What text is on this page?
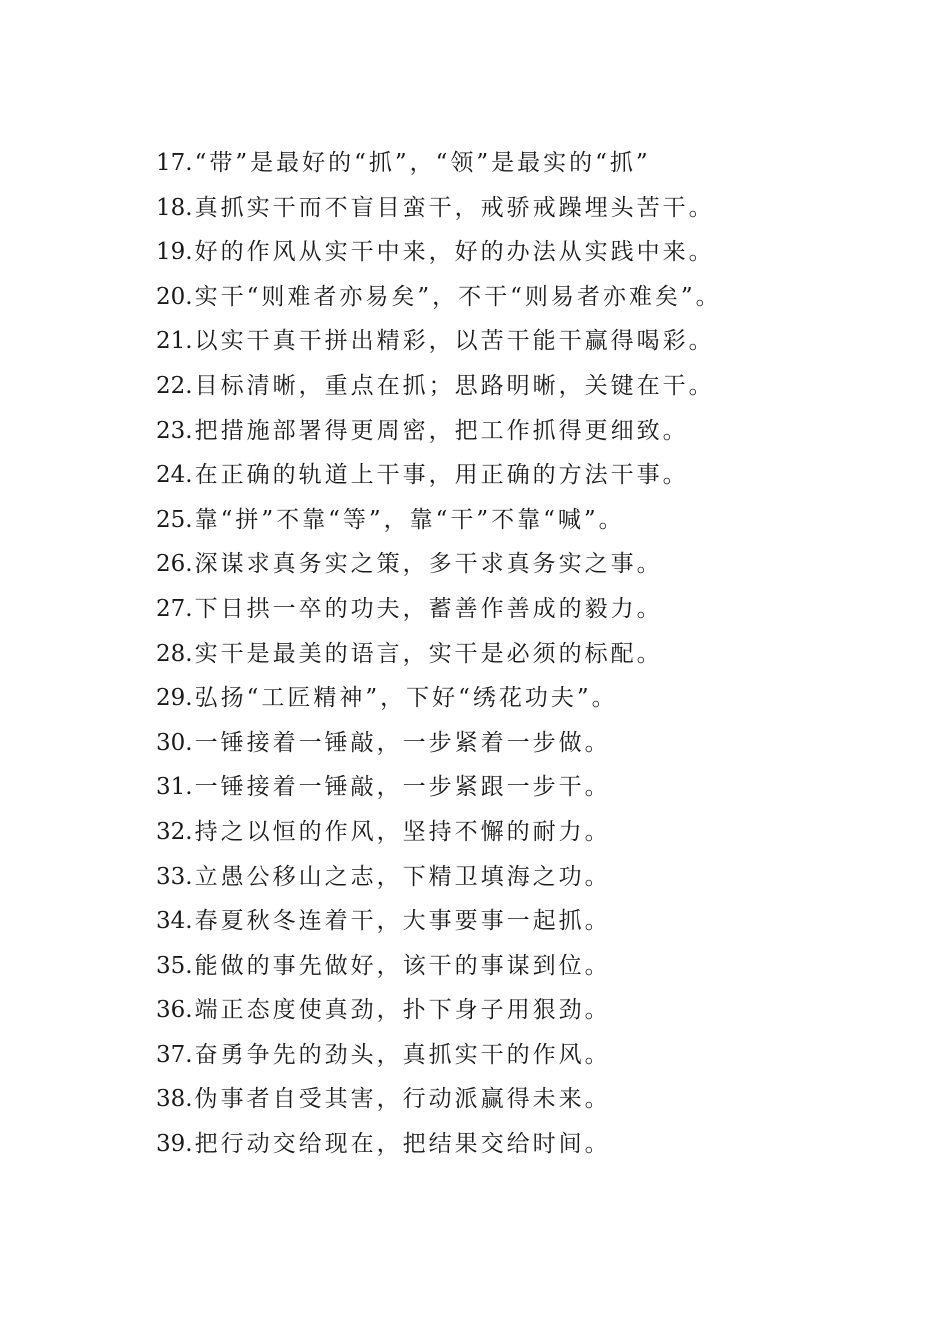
17.“带”是最好的“抓”，“领”是最实的“抓”
18.真抓实干而不盲目蛮干，戒骄戒躁埋头苦干。
19.好的作风从实干中来，好的办法从实践中来。
20.实干“则难者亦易矣”，不干“则易者亦难矣”。
21.以实干真干拼出精彩，以苦干能干赢得喝彩。
22.目标清晰，重点在抓；思路明晰，关键在干。
23.把措施部署得更周密，把工作抓得更细致。
24.在正确的轨道上干事，用正确的方法干事。
25.靠“拼”不靠“等”，靠“干”不靠“喊”。
26.深谋求真务实之策，多干求真务实之事。
27.下日拱一卒的功夫，蓄善作善成的毅力。
28.实干是最美的语言，实干是必须的标配。
29.弘扬“工匠精神”，下好“绣花功夫”。
30.一锤接着一锤敲，一步紧着一步做。
31.一锤接着一锤敲，一步紧跟一步干。
32.持之以恒的作风，坚持不懈的耐力。
33.立愚公移山之志，下精卫填海之功。
34.春夏秋冬连着干，大事要事一起抓。
35.能做的事先做好，该干的事谋到位。
36.端正态度使真劲，扑下身子用狠劲。
37.奋勇争先的劲头，真抓实干的作风。
38.伪事者自受其害，行动派赢得未来。
39.把行动交给现在，把结果交给时间。
